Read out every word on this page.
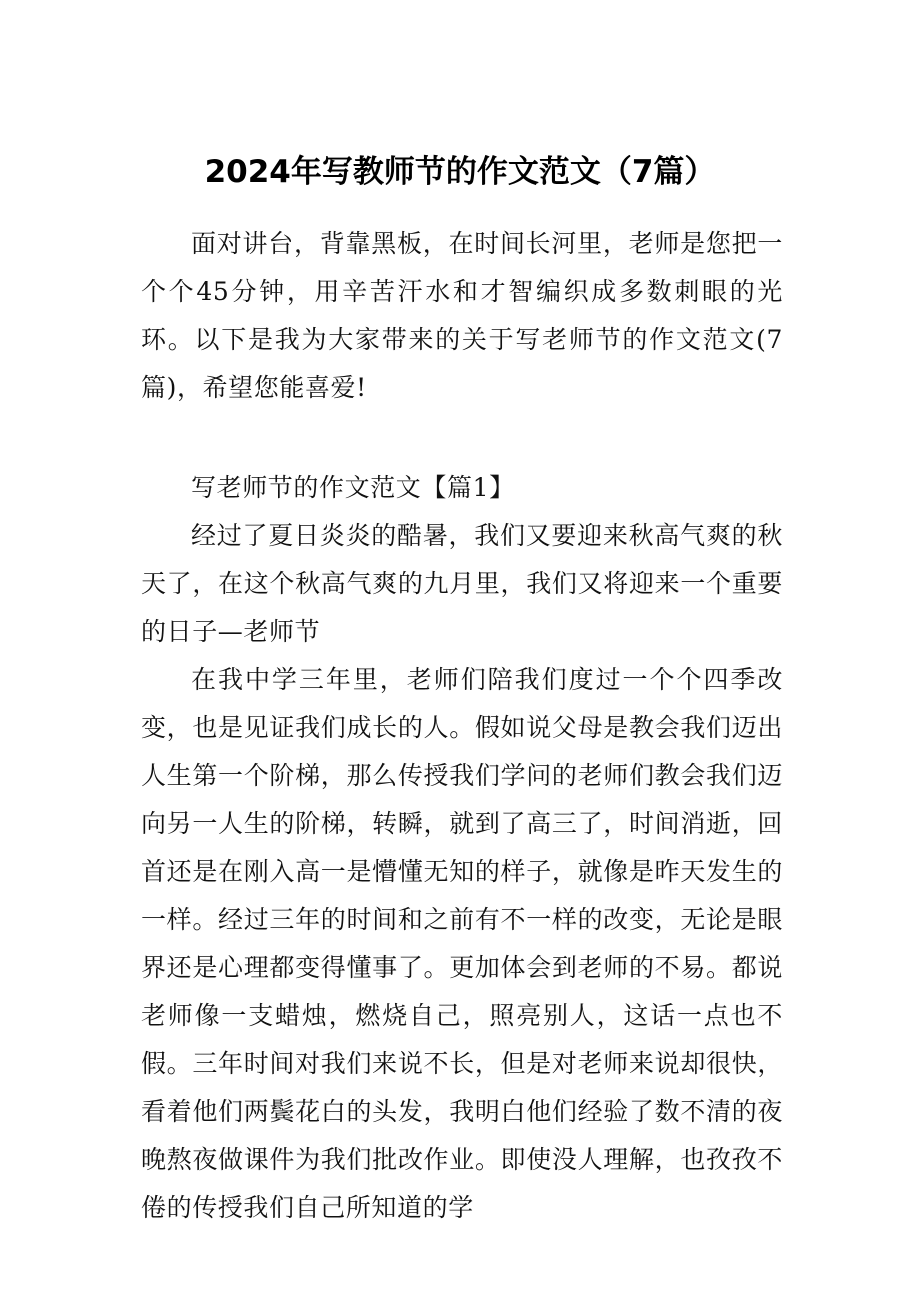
2024年写教师节的作文范文（7篇）

面对讲台，背靠黑板，在时间长河里，老师是您把一个个45分钟，用辛苦汗水和才智编织成多数刺眼的光环。以下是我为大家带来的关于写老师节的作文范文(7篇)，希望您能喜爱!

写老师节的作文范文【篇1】

经过了夏日炎炎的酷暑，我们又要迎来秋高气爽的秋天了，在这个秋高气爽的九月里，我们又将迎来一个重要的日子—老师节

在我中学三年里，老师们陪我们度过一个个四季改变，也是见证我们成长的人。假如说父母是教会我们迈出人生第一个阶梯，那么传授我们学问的老师们教会我们迈向另一人生的阶梯，转瞬，就到了高三了，时间消逝，回首还是在刚入高一是懵懂无知的样子，就像是昨天发生的一样。经过三年的时间和之前有不一样的改变，无论是眼界还是心理都变得懂事了。更加体会到老师的不易。都说老师像一支蜡烛，燃烧自己，照亮别人，这话一点也不假。三年时间对我们来说不长，但是对老师来说却很快，看着他们两鬓花白的头发，我明白他们经验了数不清的夜晚熬夜做课件为我们批改作业。即使没人理解，也孜孜不倦的传授我们自己所知道的学
